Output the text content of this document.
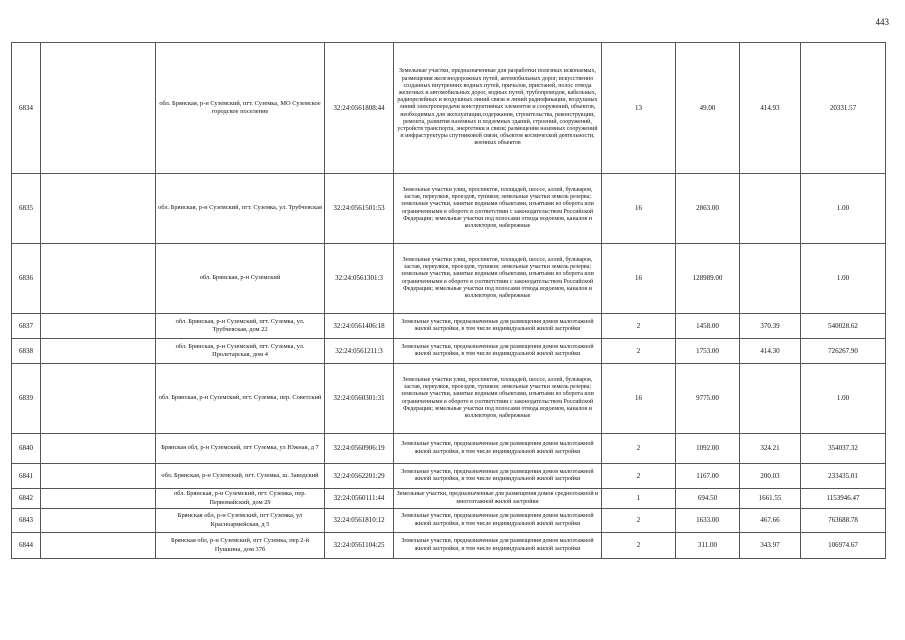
443
6834		обл. Брянская, р-н Суземский, пгт. Суземка, МО Суземское городское поселение	32:24:0561808:44	Земельные участки, предназначенные для разработки полезных ископаемых, размещения железнодорожных путей, автомобильных дорог, искусственно созданных внутренних водных путей, причалов, пристаней, полос отвода железных и автомобильных дорог, водных путей, трубопроводов, кабельных, радиорелейных и воздушных линий связи и линий радиофикации, воздушных линий электропередачи конструктивных элементов и сооружений, объектов, необходимых для эксплуатации,содержания, строительства, реконструкции, ремонта, развития наземных и подземных зданий, строений, сооружений, устройств транспорта, энергетики и связи; размещения наземных сооружений и инфраструктуры спутниковой связи, объектов космической деятельности, военных объектов	13	49.00	414.93	20331.57
6835		обл. Брянская, р-н Суземский, пгт. Суземка, ул. Трубчевская	32:24:0561501:53	Земельные участки улиц, проспектов, площадей, шоссе, аллей, бульваров, застав, переулков, проездов, тупиков; земельные участки земель резерва; земельные участки, занятые водными объектами, изъятыми из оборота или ограниченными в обороте в соответствии с законодательством Российской Федерации; земельные участки под полосами отвода водоемов, каналов и коллекторов, набережные	16	2863.00		1.00
6836		обл. Брянская, р-н Суземский	32:24:0561301:3	Земельные участки улиц, проспектов, площадей, шоссе, аллей, бульваров, застав, переулков, проездов, тупиков; земельные участки земель резерва; земельные участки, занятые водными объектами, изъятыми из оборота или ограниченными в обороте в соответствии с законодательством Российской Федерации; земельные участки под полосами отвода водоемов, каналов и коллекторов, набережные	16	128989.00		1.00
6837		обл. Брянская, р-н Суземский, пгт. Суземка, ул. Трубчевская, дом 22	32:24:0561406:18	Земельные участки, предназначенные для размещения домов малоэтажной жилой застройки, в том числе индивидуальной жилой застройки	2	1458.00	370.39	540028.62
6838		обл. Брянская, р-н Суземский, пгт. Суземка, ул. Пролетарская, дом 4	32:24:0561211:3	Земельные участки, предназначенные для размещения домов малоэтажной жилой застройки, в том числе индивидуальной жилой застройки	2	1753.00	414.30	726267.90
6839		обл. Брянская, р-н Суземский, пгт. Суземка, пер. Советский	32:24:0560301:31	Земельные участки улиц, проспектов, площадей, шоссе, аллей, бульваров, застав, переулков, проездов, тупиков; земельные участки земель резерва; земельные участки, занятые водными объектами, изъятыми из оборота или ограниченными в обороте в соответствии с законодательством Российской Федерации; земельные участки под полосами отвода водоемов, каналов и коллекторов, набережные	16	9775.00		1.00
6840		Брянская обл, р-н Суземский, пгт Суземка, ул Южная, д 7	32:24:0560906:19	Земельные участки, предназначенные для размещения домов малоэтажной жилой застройки, в том числе индивидуальной жилой застройки	2	1092.00	324.21	354037.32
6841		обл. Брянская, р-н Суземский, пгт. Суземка, ш. Заводский	32:24:0562201:29	Земельные участки, предназначенные для размещения домов малоэтажной жилой застройки, в том числе индивидуальной жилой застройки	2	1167.00	200.03	233435.01
6842		обл. Брянская, р-н Суземский, пгт. Суземка, пер. Первомайский, дом 29	32:24:0560111:44	Земельные участки, предназначенные для размещения домов среднеэтажной и многоэтажной жилой застройки	1	694.50	1661.55	1153946.47
6843		Брянская обл, р-н Суземский, пгт Суземка, ул Красноармейская, д 5	32:24:0561810:12	Земельные участки, предназначенные для размещения домов малоэтажной жилой застройки, в том числе индивидуальной жилой застройки	2	1633.00	467.66	763688.78
6844		Брянская обл, р-н Суземский, пгт Суземка, пер 2-й Пушкина, дом 37б	32:24:0561104:25	Земельные участки, предназначенные для размещения домов малоэтажной жилой застройки, в том числе индивидуальной жилой застройки	2	311.00	343.97	106974.67
